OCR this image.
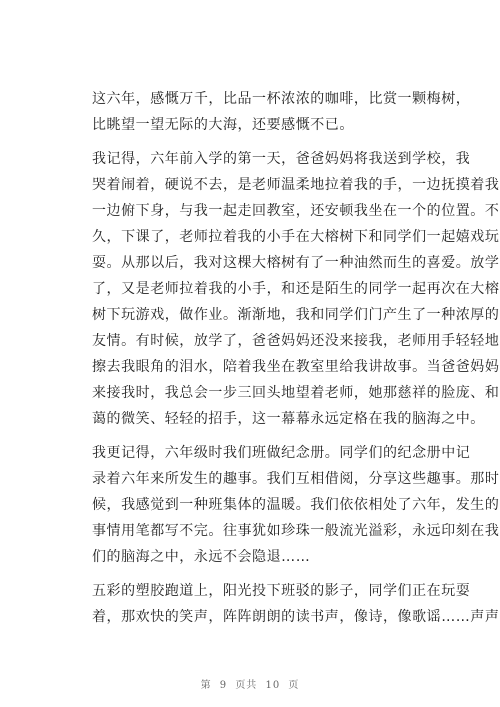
这六年，感慨万千，比品一杯浓浓的咖啡，比赏一颗梅树，
比眺望一望无际的大海，还要感慨不已。
我记得，六年前入学的第一天，爸爸妈妈将我送到学校，我
哭着闹着，硬说不去，是老师温柔地拉着我的手，一边抚摸着我
一边俯下身，与我一起走回教室，还安顿我坐在一个的位置。不
久，下课了，老师拉着我的小手在大榕树下和同学们一起嬉戏玩
耍。从那以后，我对这棵大榕树有了一种油然而生的喜爱。放学
了，又是老师拉着我的小手，和还是陌生的同学一起再次在大榕
树下玩游戏，做作业。渐渐地，我和同学们门产生了一种浓厚的
友情。有时候，放学了，爸爸妈妈还没来接我，老师用手轻轻地
擦去我眼角的泪水，陪着我坐在教室里给我讲故事。当爸爸妈妈
来接我时，我总会一步三回头地望着老师，她那慈祥的脸庞、和
蔼的微笑、轻轻的招手，这一幕幕永远定格在我的脑海之中。
我更记得，六年级时我们班做纪念册。同学们的纪念册中记
录着六年来所发生的趣事。我们互相借阅，分享这些趣事。那时
候，我感觉到一种班集体的温暖。我们依依相处了六年，发生的
事情用笔都写不完。往事犹如珍珠一般流光溢彩，永远印刻在我
们的脑海之中，永远不会隐退……
五彩的塑胶跑道上，阳光投下班驳的影子，同学们正在玩耍
着，那欢快的笑声，阵阵朗朗的读书声，像诗，像歌谣……声声
第 9 页共 10 页
